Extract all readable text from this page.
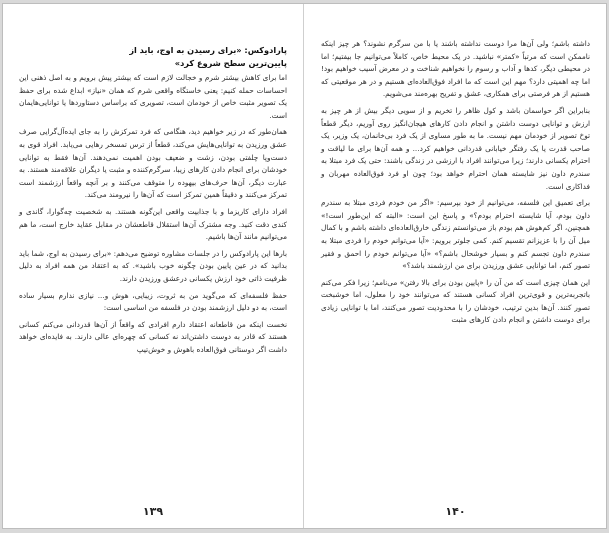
پارادوکس: «برای رسیدن به اوج، باید از
پایین‌ترین سطح شروع کرد»

اما برای کاهش بیشتر شرم و خجالت لازم است که بیشتر پیش برویم و به اصل ذهنی این احساسات حمله کنیم: یعنی خاستگاه واقعی شرم که همان «نیاز» ابداع شده برای حفظ یک تصویر مثبت خاص از خودمان است، تصویری که براساس دستاوردها یا توانایی‌هایمان است.

همان‌طور که در زیر خواهیم دید، هنگامی که فرد تمرکزش را به جای ایده‌آل‌گرایی صرف عشق ورزیدن به توانایی‌هایش می‌کند، قطعاً از ترس تمسخر رهایی می‌یابد. افراد قوی به دست‌وپا چلفتی بودن، زشت و ضعیف بودن اهمیت نمی‌دهند. آن‌ها فقط به توانایی خودشان برای انجام دادن کارهای زیبا، سرگرم‌کننده و مثبت یا دیگران علاقه‌مند هستند. به عبارت دیگر، آن‌ها حرف‌های بیهوده را متوقف می‌کنند و بر آنچه واقعاً ارزشمند است تمرکز می‌کنند و دقیقاً همین تمرکز است که آن‌ها را نیرومند می‌کند.

افراد دارای کاریزما و با جذابیت واقعی این‌گونه هستند. به شخصیت چه‌گوارا، گاندی و کندی دقت کنید. وجه مشترک آن‌ها استقلال قاطعشان در مقابل عقاید خارج است، ما هم می‌توانیم مانند آن‌ها باشیم.

بارها این پارادوکس را در جلسات مشاوره توضیح می‌دهم: «برای رسیدن به اوج، شما باید بدانید که در عین پایین بودن چگونه خوب باشید». که به اعتقاد من همه افراد به دلیل ظرفیت ذاتی خود ارزش یکسانی درعشق ورزیدن دارند.

حفظ فلسفه‌ای که می‌گوید من به ثروت، زیبایی، هوش و... نیازی ندارم بسیار ساده است، به دو دلیل ارزشمند بودن در فلسفه من اساسی است:

نخست اینکه من قاطعانه اعتقاد دارم افرادی که واقعاً از آن‌ها قدردانی می‌کنم کسانی هستند که قادر به دوست داشتن‌اند نه کسانی که چهره‌ای عالی دارند. به فایده‌ای خواهد داشت اگر دوستانی فوق‌العاده باهوش و خوش‌تیپ

۱۳۹

داشته باشم؛ ولی آن‌ها مرا دوست نداشته باشند یا با من سرگرم نشوند؟ هر چیز اینکه ناممکن است که مرتباً «کمتر» نباشید. در یک محیط خاص، کاملاً می‌توانیم جا بیفتیم؛ اما در محیطی دیگر، کدها و آداب و رسوم را نخواهیم شناخت و در معرض آسیب خواهیم بود! اما چه اهمیتی دارد؟ مهم این است که ما افراد فوق‌العاده‌ای هستیم و در هر موقعیتی که هستیم از هر فرصتی برای همکاری، عشق و تفریح بهره‌مند می‌شویم.

بنابراین اگر حواسمان باشد و کول ظاهر را تخریم و از سویی دیگر بیش از هر چیز به ارزش و توانایی دوست داشتن و انجام دادن کارهای هیجان‌انگیز روی آوریم، دیگر قطعاً توخ تصویر از خودمان مهم نیست. ما به طور مساوی از یک فرد بی‌خانمان، یک وزیر، یک صاحب قدرت یا یک رفتگر خیابانی قدردانی خواهیم کرد... و همه آن‌ها برای ما لیاقت و احترام یکسانی دارند؛ زیرا می‌توانند افراد با ارزشی در زندگی باشند: حتی یک فرد مبتلا به سندرم داون نیز شایسته همان احترام خواهد بود؛ چون او فرد فوق‌العاده مهربان و فداکاری است.

برای تعمیق این فلسفه، می‌توانیم از خود بپرسیم: «اگر من خودم فردی مبتلا به سندرم داون بودم، آیا شایسته احترام بودم؟» و پاسخ این است: «البته که این‌طور است!» همچنین، اگر کم‌هوش هم بودم باز می‌توانستم زندگی خارق‌العاده‌ای داشته باشم و با کمال میل آن را با عزیزانم تقسیم کنم. کمی جلوتر برویم: «آیا می‌توانم خودم را فردی مبتلا به سندرم داون تجسم کنم و بسیار خوشحال باشم؟» «آیا می‌توانم خودم را احمق و فقیر تصور کنم، اما توانایی عشق ورزیدن برای من ارزشمند باشد؟»

این همان چیزی است که من آن را «پایین بودن برای بالا رفتن» می‌نامم؛ زیرا فکر می‌کنم باتجربه‌ترین و قوی‌ترین افراد کسانی هستند که می‌توانند خود را معلول، اما خوشبخت تصور کنند. آن‌ها بدین ترتیب، خودشان را با محدودیت تصور می‌کنند، اما با توانایی زیادی برای دوست داشتن و انجام دادن کارهای مثبت

۱۴۰
